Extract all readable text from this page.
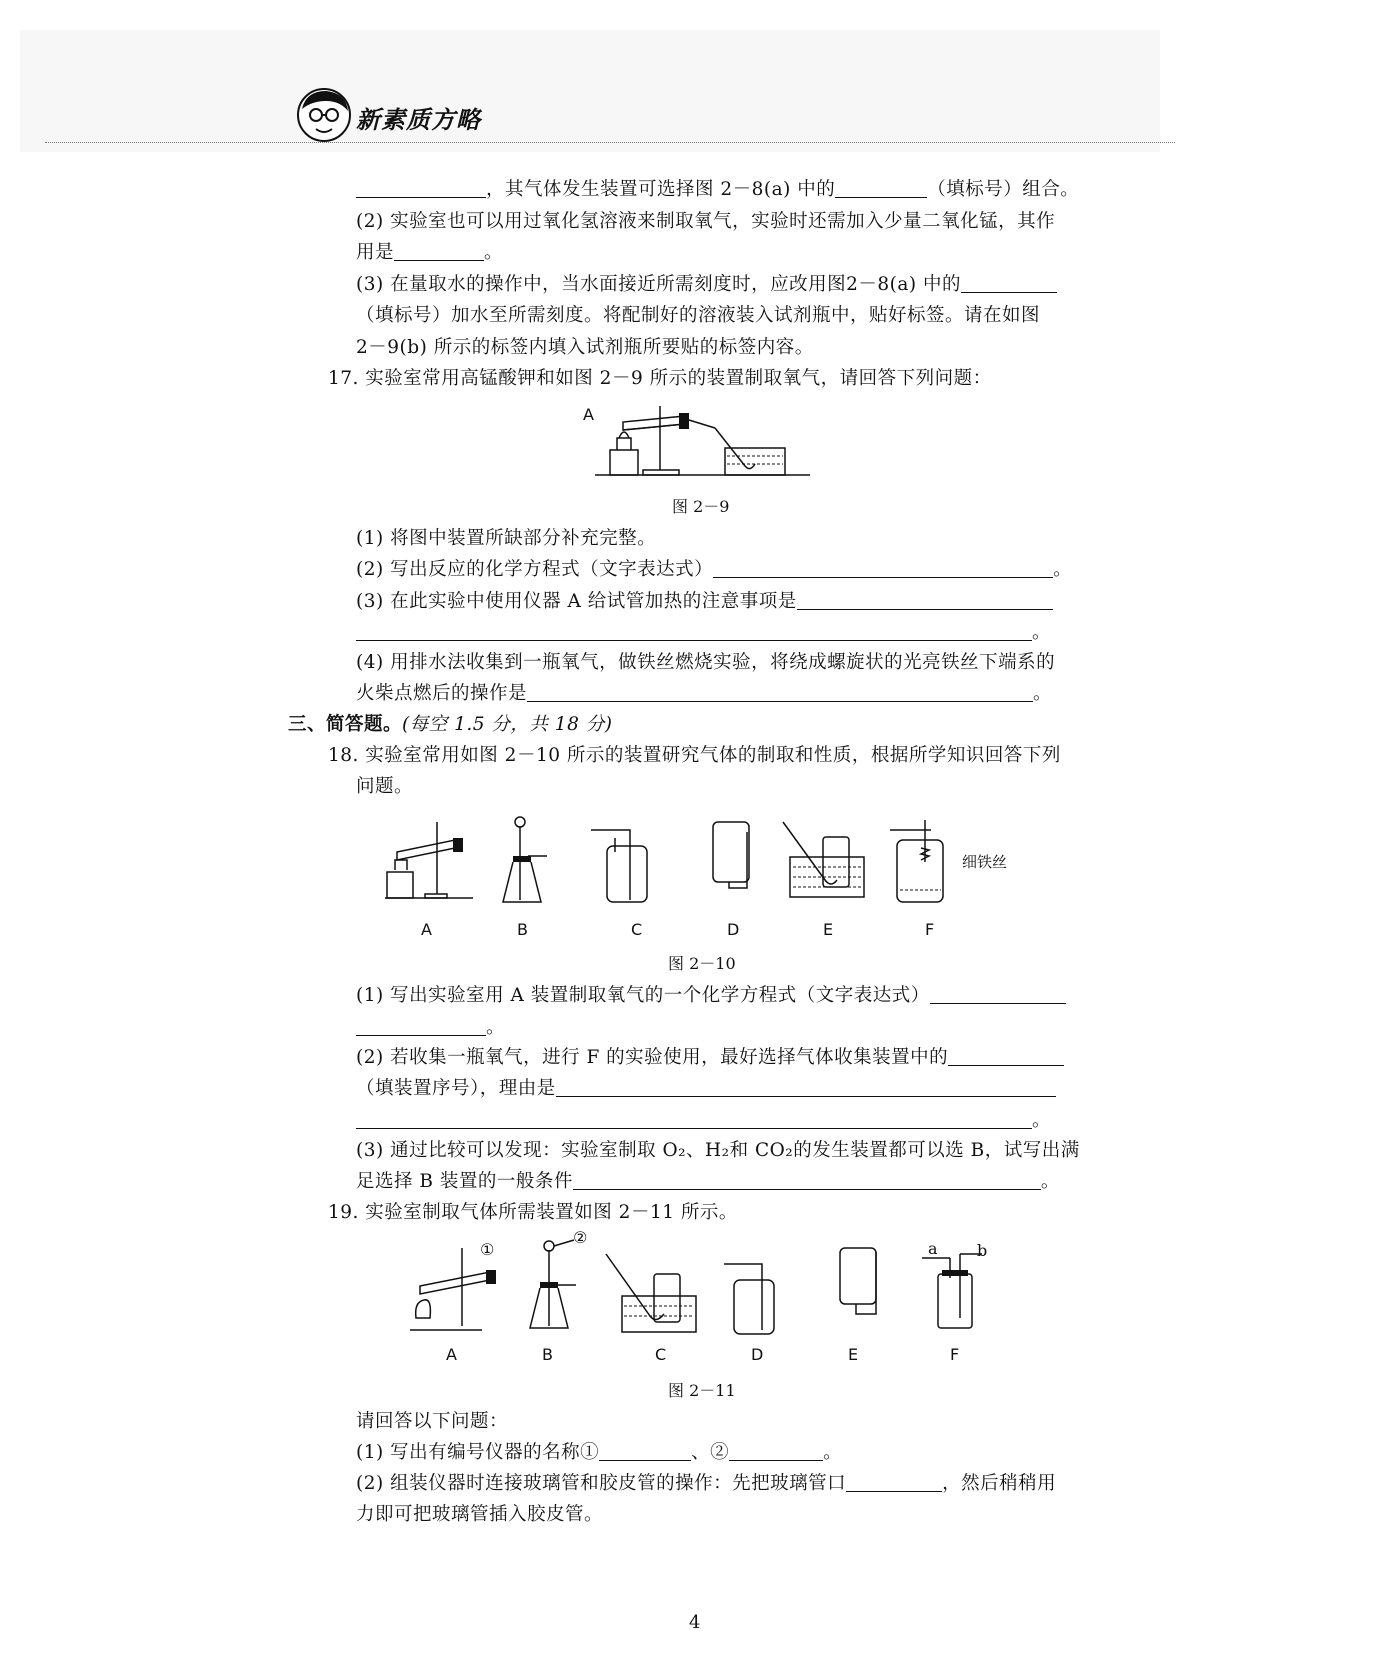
新素质方略
，其气体发生装置可选择图 2－8(a) 中的	（填标号）组合。
(2) 实验室也可以用过氧化氢溶液来制取氧气，实验时还需加入少量二氧化锰，其作
用是	。
(3) 在量取水的操作中，当水面接近所需刻度时，应改用图2－8(a) 中的
（填标号）加水至所需刻度。将配制好的溶液装入试剂瓶中，贴好标签。请在如图
2－9(b) 所示的标签内填入试剂瓶所要贴的标签内容。
17. 实验室常用高锰酸钾和如图 2－9 所示的装置制取氧气，请回答下列问题：
A
图 2－9
(1) 将图中装置所缺部分补充完整。
(2) 写出反应的化学方程式（文字表达式）	。
(3) 在此实验中使用仪器 A 给试管加热的注意事项是
。
(4) 用排水法收集到一瓶氧气，做铁丝燃烧实验，将绕成螺旋状的光亮铁丝下端系的
火柴点燃后的操作是	。
三、简答题。(每空 1.5 分，共 18 分)
18. 实验室常用如图 2－10 所示的装置研究气体的制取和性质，根据所学知识回答下列
问题。
细铁丝
A	B	C	D	E	F
图 2－10
(1) 写出实验室用 A 装置制取氧气的一个化学方程式（文字表达式）
。
(2) 若收集一瓶氧气，进行 F 的实验使用，最好选择气体收集装置中的
（填装置序号），理由是
。
(3) 通过比较可以发现：实验室制取 O₂、H₂和 CO₂的发生装置都可以选 B，试写出满
足选择 B 装置的一般条件	。
19. 实验室制取气体所需装置如图 2－11 所示。
①
②
a b
A	B	C	D	E	F
图 2－11
请回答以下问题：
(1) 写出有编号仪器的名称①	、②	。
(2) 组装仪器时连接玻璃管和胶皮管的操作：先把玻璃管口	，然后稍稍用
力即可把玻璃管插入胶皮管。
4
